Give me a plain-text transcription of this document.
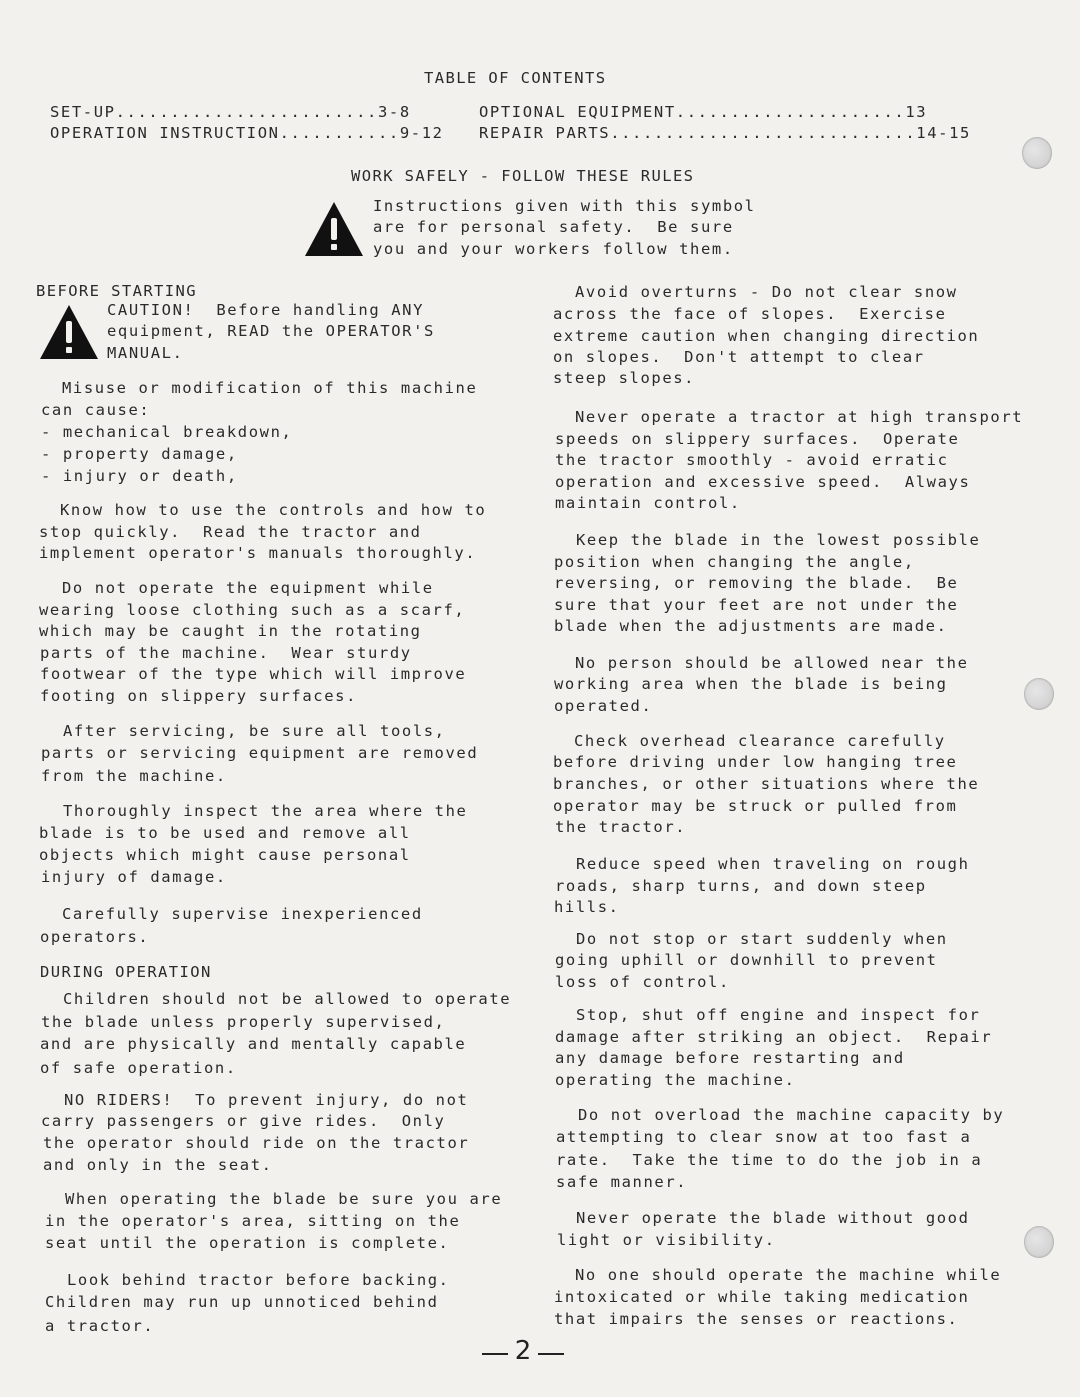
TABLE OF CONTENTS
SET-UP........................3-8
OPERATION INSTRUCTION...........9-12
OPTIONAL EQUIPMENT.....................13
REPAIR PARTS............................14-15
WORK SAFELY - FOLLOW THESE RULES
Instructions given with this symbol
are for personal safety.  Be sure
you and your workers follow them.
BEFORE STARTING
CAUTION!  Before handling ANY
equipment, READ the OPERATOR'S
MANUAL.
Misuse or modification of this machine
can cause:
- mechanical breakdown,
- property damage,
- injury or death,
Know how to use the controls and how to
stop quickly.  Read the tractor and
implement operator's manuals thoroughly.
Do not operate the equipment while
wearing loose clothing such as a scarf,
which may be caught in the rotating
parts of the machine.  Wear sturdy
footwear of the type which will improve
footing on slippery surfaces.
After servicing, be sure all tools,
parts or servicing equipment are removed
from the machine.
Thoroughly inspect the area where the
blade is to be used and remove all
objects which might cause personal
injury of damage.
Carefully supervise inexperienced
operators.
DURING OPERATION
Children should not be allowed to operate
the blade unless properly supervised,
and are physically and mentally capable
of safe operation.
NO RIDERS!  To prevent injury, do not
carry passengers or give rides.  Only
the operator should ride on the tractor
and only in the seat.
When operating the blade be sure you are
in the operator's area, sitting on the
seat until the operation is complete.
Look behind tractor before backing.
Children may run up unnoticed behind
a tractor.
Avoid overturns - Do not clear snow
across the face of slopes.  Exercise
extreme caution when changing direction
on slopes.  Don't attempt to clear
steep slopes.
Never operate a tractor at high transport
speeds on slippery surfaces.  Operate
the tractor smoothly - avoid erratic
operation and excessive speed.  Always
maintain control.
Keep the blade in the lowest possible
position when changing the angle,
reversing, or removing the blade.  Be
sure that your feet are not under the
blade when the adjustments are made.
No person should be allowed near the
working area when the blade is being
operated.
Check overhead clearance carefully
before driving under low hanging tree
branches, or other situations where the
operator may be struck or pulled from
the tractor.
Reduce speed when traveling on rough
roads, sharp turns, and down steep
hills.
Do not stop or start suddenly when
going uphill or downhill to prevent
loss of control.
Stop, shut off engine and inspect for
damage after striking an object.  Repair
any damage before restarting and
operating the machine.
Do not overload the machine capacity by
attempting to clear snow at too fast a
rate.  Take the time to do the job in a
safe manner.
Never operate the blade without good
light or visibility.
No one should operate the machine while
intoxicated or while taking medication
that impairs the senses or reactions.
2
